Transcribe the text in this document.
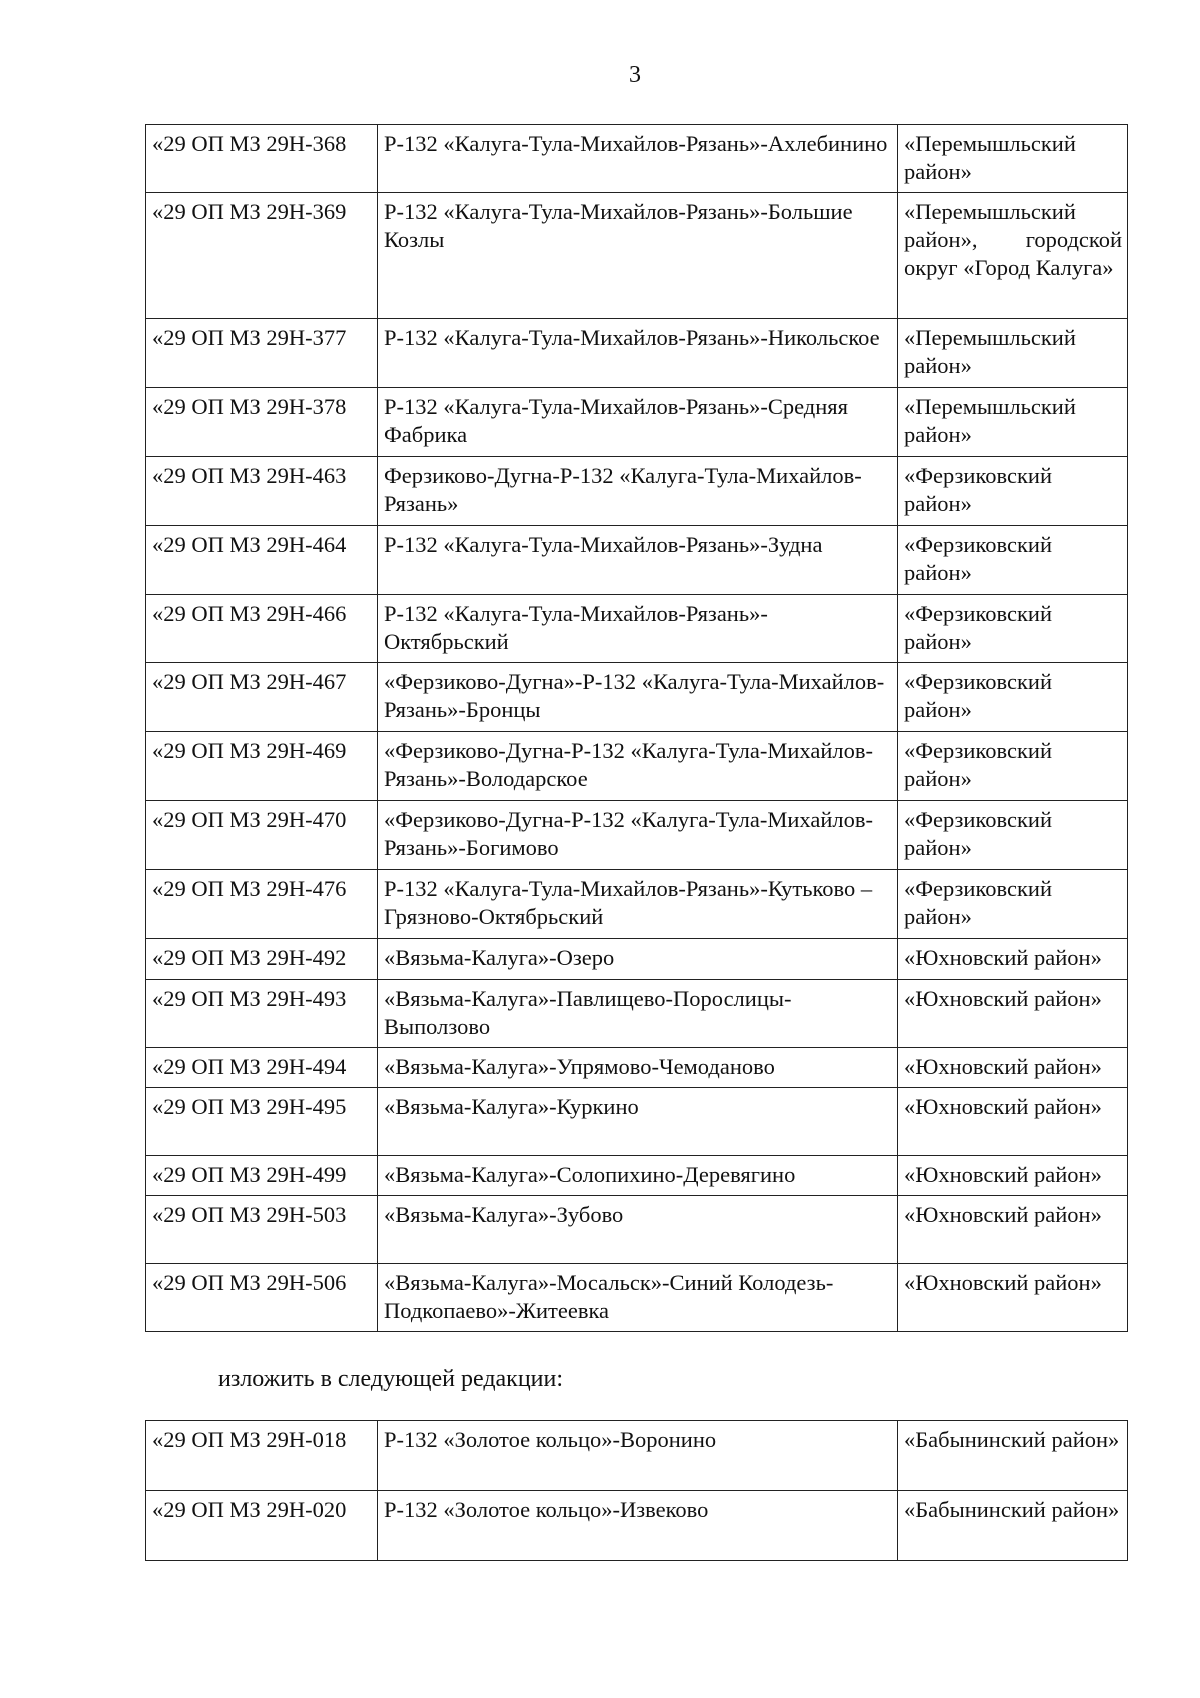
3
«29 ОП МЗ 29Н-368	Р-132 «Калуга-Тула-Михайлов-Рязань»-Ахлебинино	«Перемышльский район»
«29 ОП МЗ 29Н-369	Р-132 «Калуга-Тула-Михайлов-Рязань»-Большие Козлы	«Перемышльский район», городской округ «Город Калуга»
«29 ОП МЗ 29Н-377	Р-132 «Калуга-Тула-Михайлов-Рязань»-Никольское	«Перемышльский район»
«29 ОП МЗ 29Н-378	Р-132 «Калуга-Тула-Михайлов-Рязань»-Средняя Фабрика	«Перемышльский район»
«29 ОП МЗ 29Н-463	Ферзиково-Дугна-Р-132 «Калуга-Тула-Михайлов-Рязань»	«Ферзиковский район»
«29 ОП МЗ 29Н-464	Р-132 «Калуга-Тула-Михайлов-Рязань»-Зудна	«Ферзиковский район»
«29 ОП МЗ 29Н-466	Р-132 «Калуга-Тула-Михайлов-Рязань»-Октябрьский	«Ферзиковский район»
«29 ОП МЗ 29Н-467	«Ферзиково-Дугна»-Р-132 «Калуга-Тула-Михайлов-Рязань»-Бронцы	«Ферзиковский район»
«29 ОП МЗ 29Н-469	«Ферзиково-Дугна-Р-132 «Калуга-Тула-Михайлов-Рязань»-Володарское	«Ферзиковский район»
«29 ОП МЗ 29Н-470	«Ферзиково-Дугна-Р-132 «Калуга-Тула-Михайлов-Рязань»-Богимово	«Ферзиковский район»
«29 ОП МЗ 29Н-476	Р-132 «Калуга-Тула-Михайлов-Рязань»-Кутьково – Грязново-Октябрьский	«Ферзиковский район»
«29 ОП МЗ 29Н-492	«Вязьма-Калуга»-Озеро	«Юхновский район»
«29 ОП МЗ 29Н-493	«Вязьма-Калуга»-Павлищево-Порослицы-Выползово	«Юхновский район»
«29 ОП МЗ 29Н-494	«Вязьма-Калуга»-Упрямово-Чемоданово	«Юхновский район»
«29 ОП МЗ 29Н-495	«Вязьма-Калуга»-Куркино	«Юхновский район»
«29 ОП МЗ 29Н-499	«Вязьма-Калуга»-Солопихино-Деревягино	«Юхновский район»
«29 ОП МЗ 29Н-503	«Вязьма-Калуга»-Зубово	«Юхновский район»
«29 ОП МЗ 29Н-506	«Вязьма-Калуга»-Мосальск»-Синий Колодезь-Подкопаево»-Житеевка	«Юхновский район»
изложить в следующей редакции:
«29 ОП МЗ 29Н-018	Р-132 «Золотое кольцо»-Воронино	«Бабынинский район»
«29 ОП МЗ 29Н-020	Р-132 «Золотое кольцо»-Извеково	«Бабынинский район»
